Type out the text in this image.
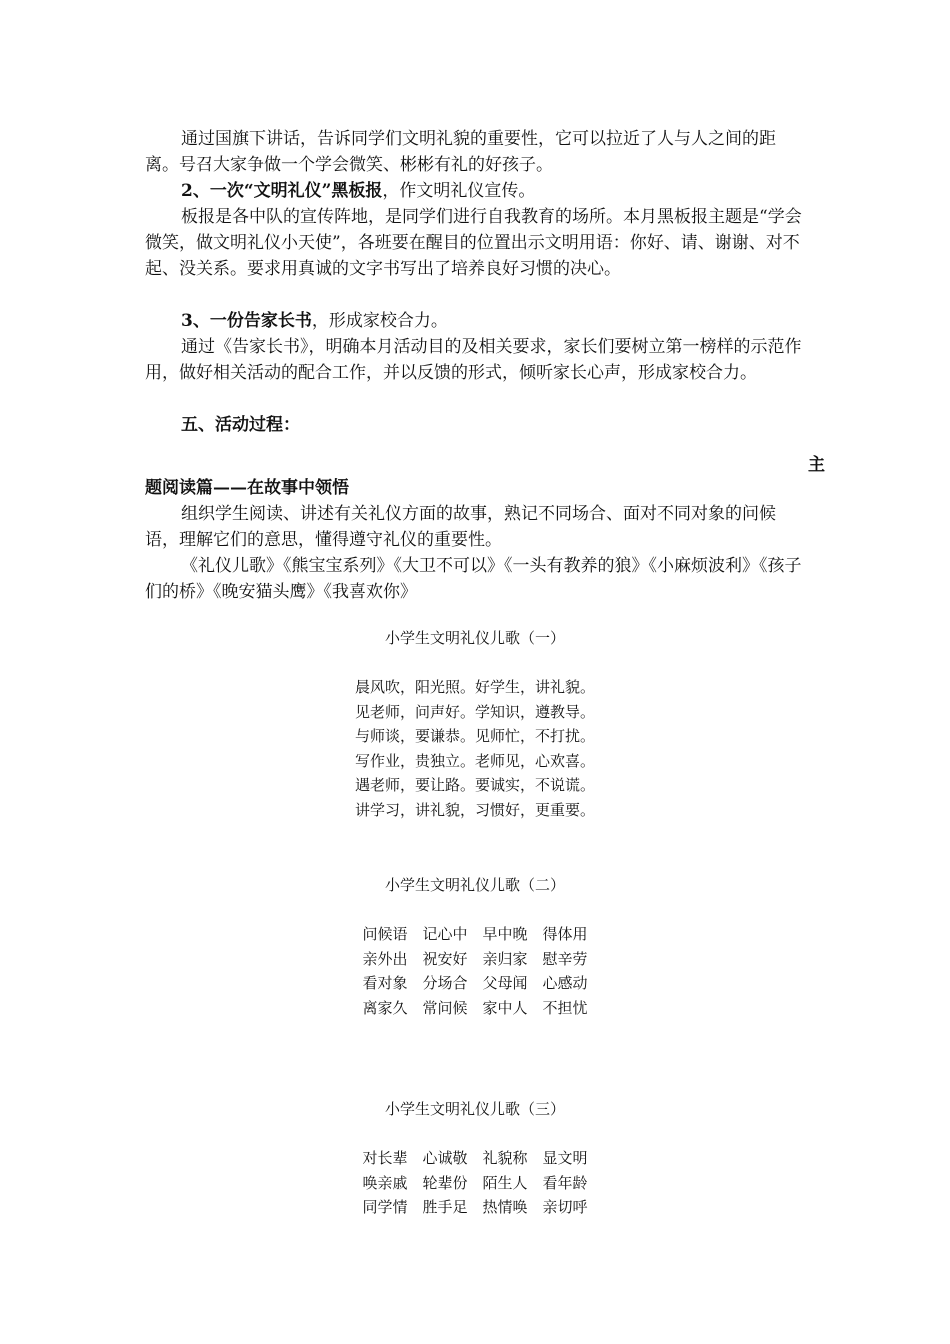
通过国旗下讲话，告诉同学们文明礼貌的重要性，它可以拉近了人与人之间的距离。号召大家争做一个学会微笑、彬彬有礼的好孩子。

2、一次“文明礼仪”黑板报，作文明礼仪宣传。

板报是各中队的宣传阵地，是同学们进行自我教育的场所。本月黑板报主题是“学会微笑，做文明礼仪小天使”，各班要在醒目的位置出示文明用语：你好、请、谢谢、对不起、没关系。要求用真诚的文字书写出了培养良好习惯的决心。

3、一份告家长书，形成家校合力。

通过《告家长书》，明确本月活动目的及相关要求，家长们要树立第一榜样的示范作用，做好相关活动的配合工作，并以反馈的形式，倾听家长心声，形成家校合力。

五、活动过程：

主
题阅读篇——在故事中领悟

组织学生阅读、讲述有关礼仪方面的故事，熟记不同场合、面对不同对象的问候语，理解它们的意思，懂得遵守礼仪的重要性。

《礼仪儿歌》《熊宝宝系列》《大卫不可以》《一头有教养的狼》《小麻烦波利》《孩子们的桥》《晚安猫头鹰》《我喜欢你》

小学生文明礼仪儿歌（一）
晨风吹，阳光照。好学生，讲礼貌。
见老师，问声好。学知识，遵教导。
与师谈，要谦恭。见师忙，不打扰。
写作业，贵独立。老师见，心欢喜。
遇老师，要让路。要诚实，不说谎。
讲学习，讲礼貌，习惯好，更重要。
小学生文明礼仪儿歌（二）
问候语　记心中　早中晚　得体用
亲外出　祝安好　亲归家　慰辛劳
看对象　分场合　父母闻　心感动
离家久　常问候　家中人　不担忧
小学生文明礼仪儿歌（三）
对长辈　心诚敬　礼貌称　显文明
唤亲戚　轮辈份　陌生人　看年龄
同学情　胜手足　热情唤　亲切呼
